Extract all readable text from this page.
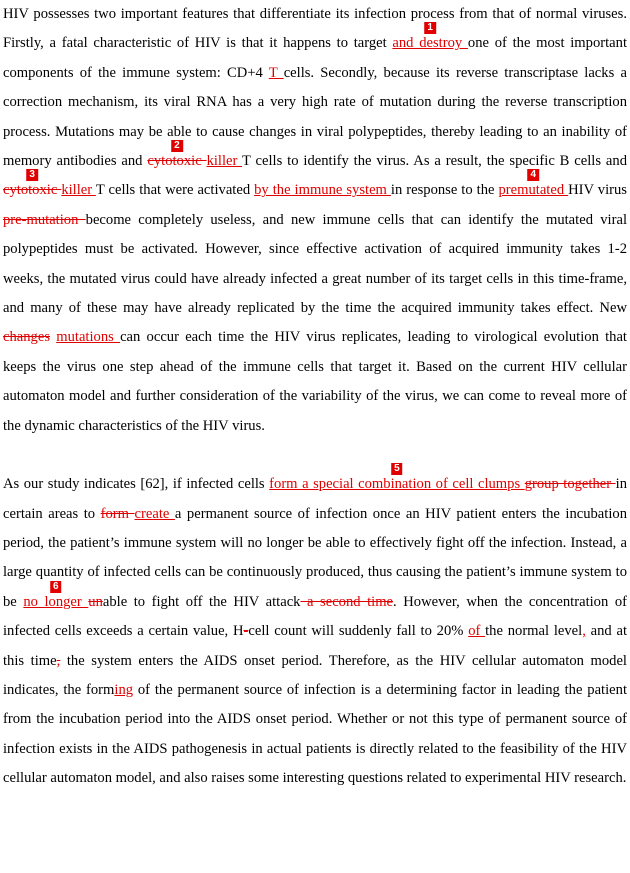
HIV possesses two important features that differentiate its infection process from that of normal viruses. Firstly, a fatal characteristic of HIV is that it happens to target
1
and destroy one of the most important components of the immune system: CD+4 T cells. Secondly, because its reverse transcriptase lacks a correction mechanism, its viral RNA has a very high rate of mutation during the reverse transcription process. Mutations may be able to cause changes in viral polypeptides, thereby leading to an inability of memory antibodies and
2
cytotoxic killer T cells to identify the virus. As a result, the specific B cells and
3
cytotoxic killer T cells that were activated by the immune system in response to the
4
premutated HIV virus pre-mutation become completely useless, and new immune cells that can identify the mutated viral polypeptides must be activated. However, since effective activation of acquired immunity takes 1-2 weeks, the mutated virus could have already infected a great number of its target cells in this time-frame, and many of these may have already replicated by the time the acquired immunity takes effect. New changes mutations can occur each time the HIV virus replicates, leading to virological evolution that keeps the virus one step ahead of the immune cells that target it. Based on the current HIV cellular automaton model and further consideration of the variability of the virus, we can come to reveal more of the dynamic characteristics of the HIV virus.

As our study indicates [62], if infected cells
5
form a special combination of cell clumps group together in certain areas to form create a permanent source of infection once an HIV patient enters the incubation period, the patient’s immune system will no longer be able to effectively fight off the infection. Instead, a large quantity of infected cells can be continuously produced, thus causing the patient’s immune system to be
6
no longer unable to fight off the HIV attack a second time. However, when the concentration of infected cells exceeds a certain value, H-cell count will suddenly fall to 20% of the normal level, and at this time, the system enters the AIDS onset period. Therefore, as the HIV cellular automaton model indicates, the forming of the permanent source of infection is a determining factor in leading the patient from the incubation period into the AIDS onset period. Whether or not this type of permanent source of infection exists in the AIDS pathogenesis in actual patients is directly related to the feasibility of the HIV cellular automaton model, and also raises some interesting questions related to experimental HIV research.
